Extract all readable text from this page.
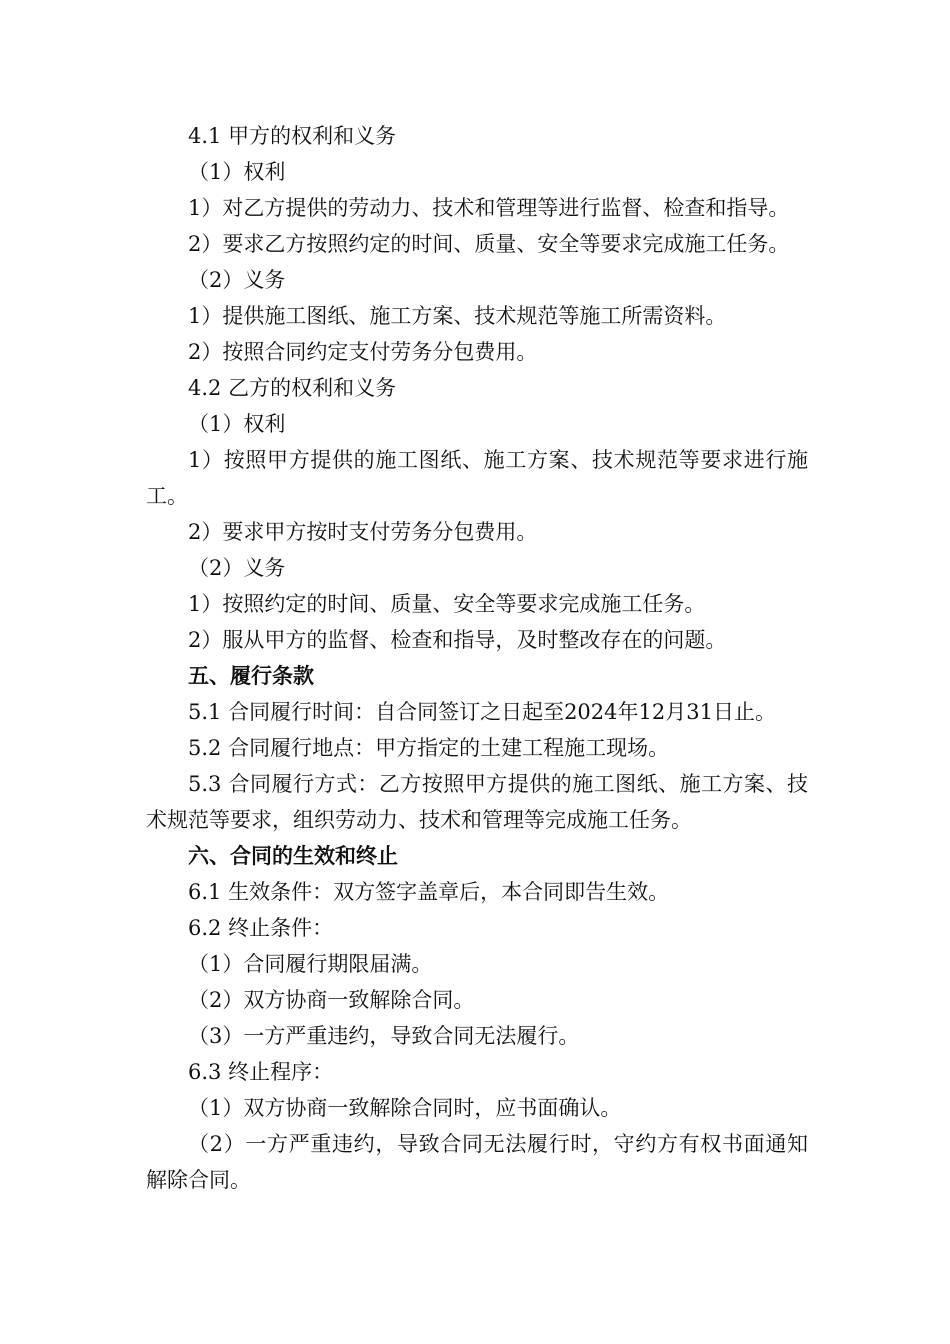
4.1 甲方的权利和义务
（1）权利
1）对乙方提供的劳动力、技术和管理等进行监督、检查和指导。
2）要求乙方按照约定的时间、质量、安全等要求完成施工任务。
（2）义务
1）提供施工图纸、施工方案、技术规范等施工所需资料。
2）按照合同约定支付劳务分包费用。
4.2 乙方的权利和义务
（1）权利
1）按照甲方提供的施工图纸、施工方案、技术规范等要求进行施工。
2）要求甲方按时支付劳务分包费用。
（2）义务
1）按照约定的时间、质量、安全等要求完成施工任务。
2）服从甲方的监督、检查和指导，及时整改存在的问题。
五、履行条款
5.1 合同履行时间：自合同签订之日起至2024年12月31日止。
5.2 合同履行地点：甲方指定的土建工程施工现场。
5.3 合同履行方式：乙方按照甲方提供的施工图纸、施工方案、技术规范等要求，组织劳动力、技术和管理等完成施工任务。
六、合同的生效和终止
6.1 生效条件：双方签字盖章后，本合同即告生效。
6.2 终止条件：
（1）合同履行期限届满。
（2）双方协商一致解除合同。
（3）一方严重违约，导致合同无法履行。
6.3 终止程序：
（1）双方协商一致解除合同时，应书面确认。
（2）一方严重违约，导致合同无法履行时，守约方有权书面通知解除合同。
